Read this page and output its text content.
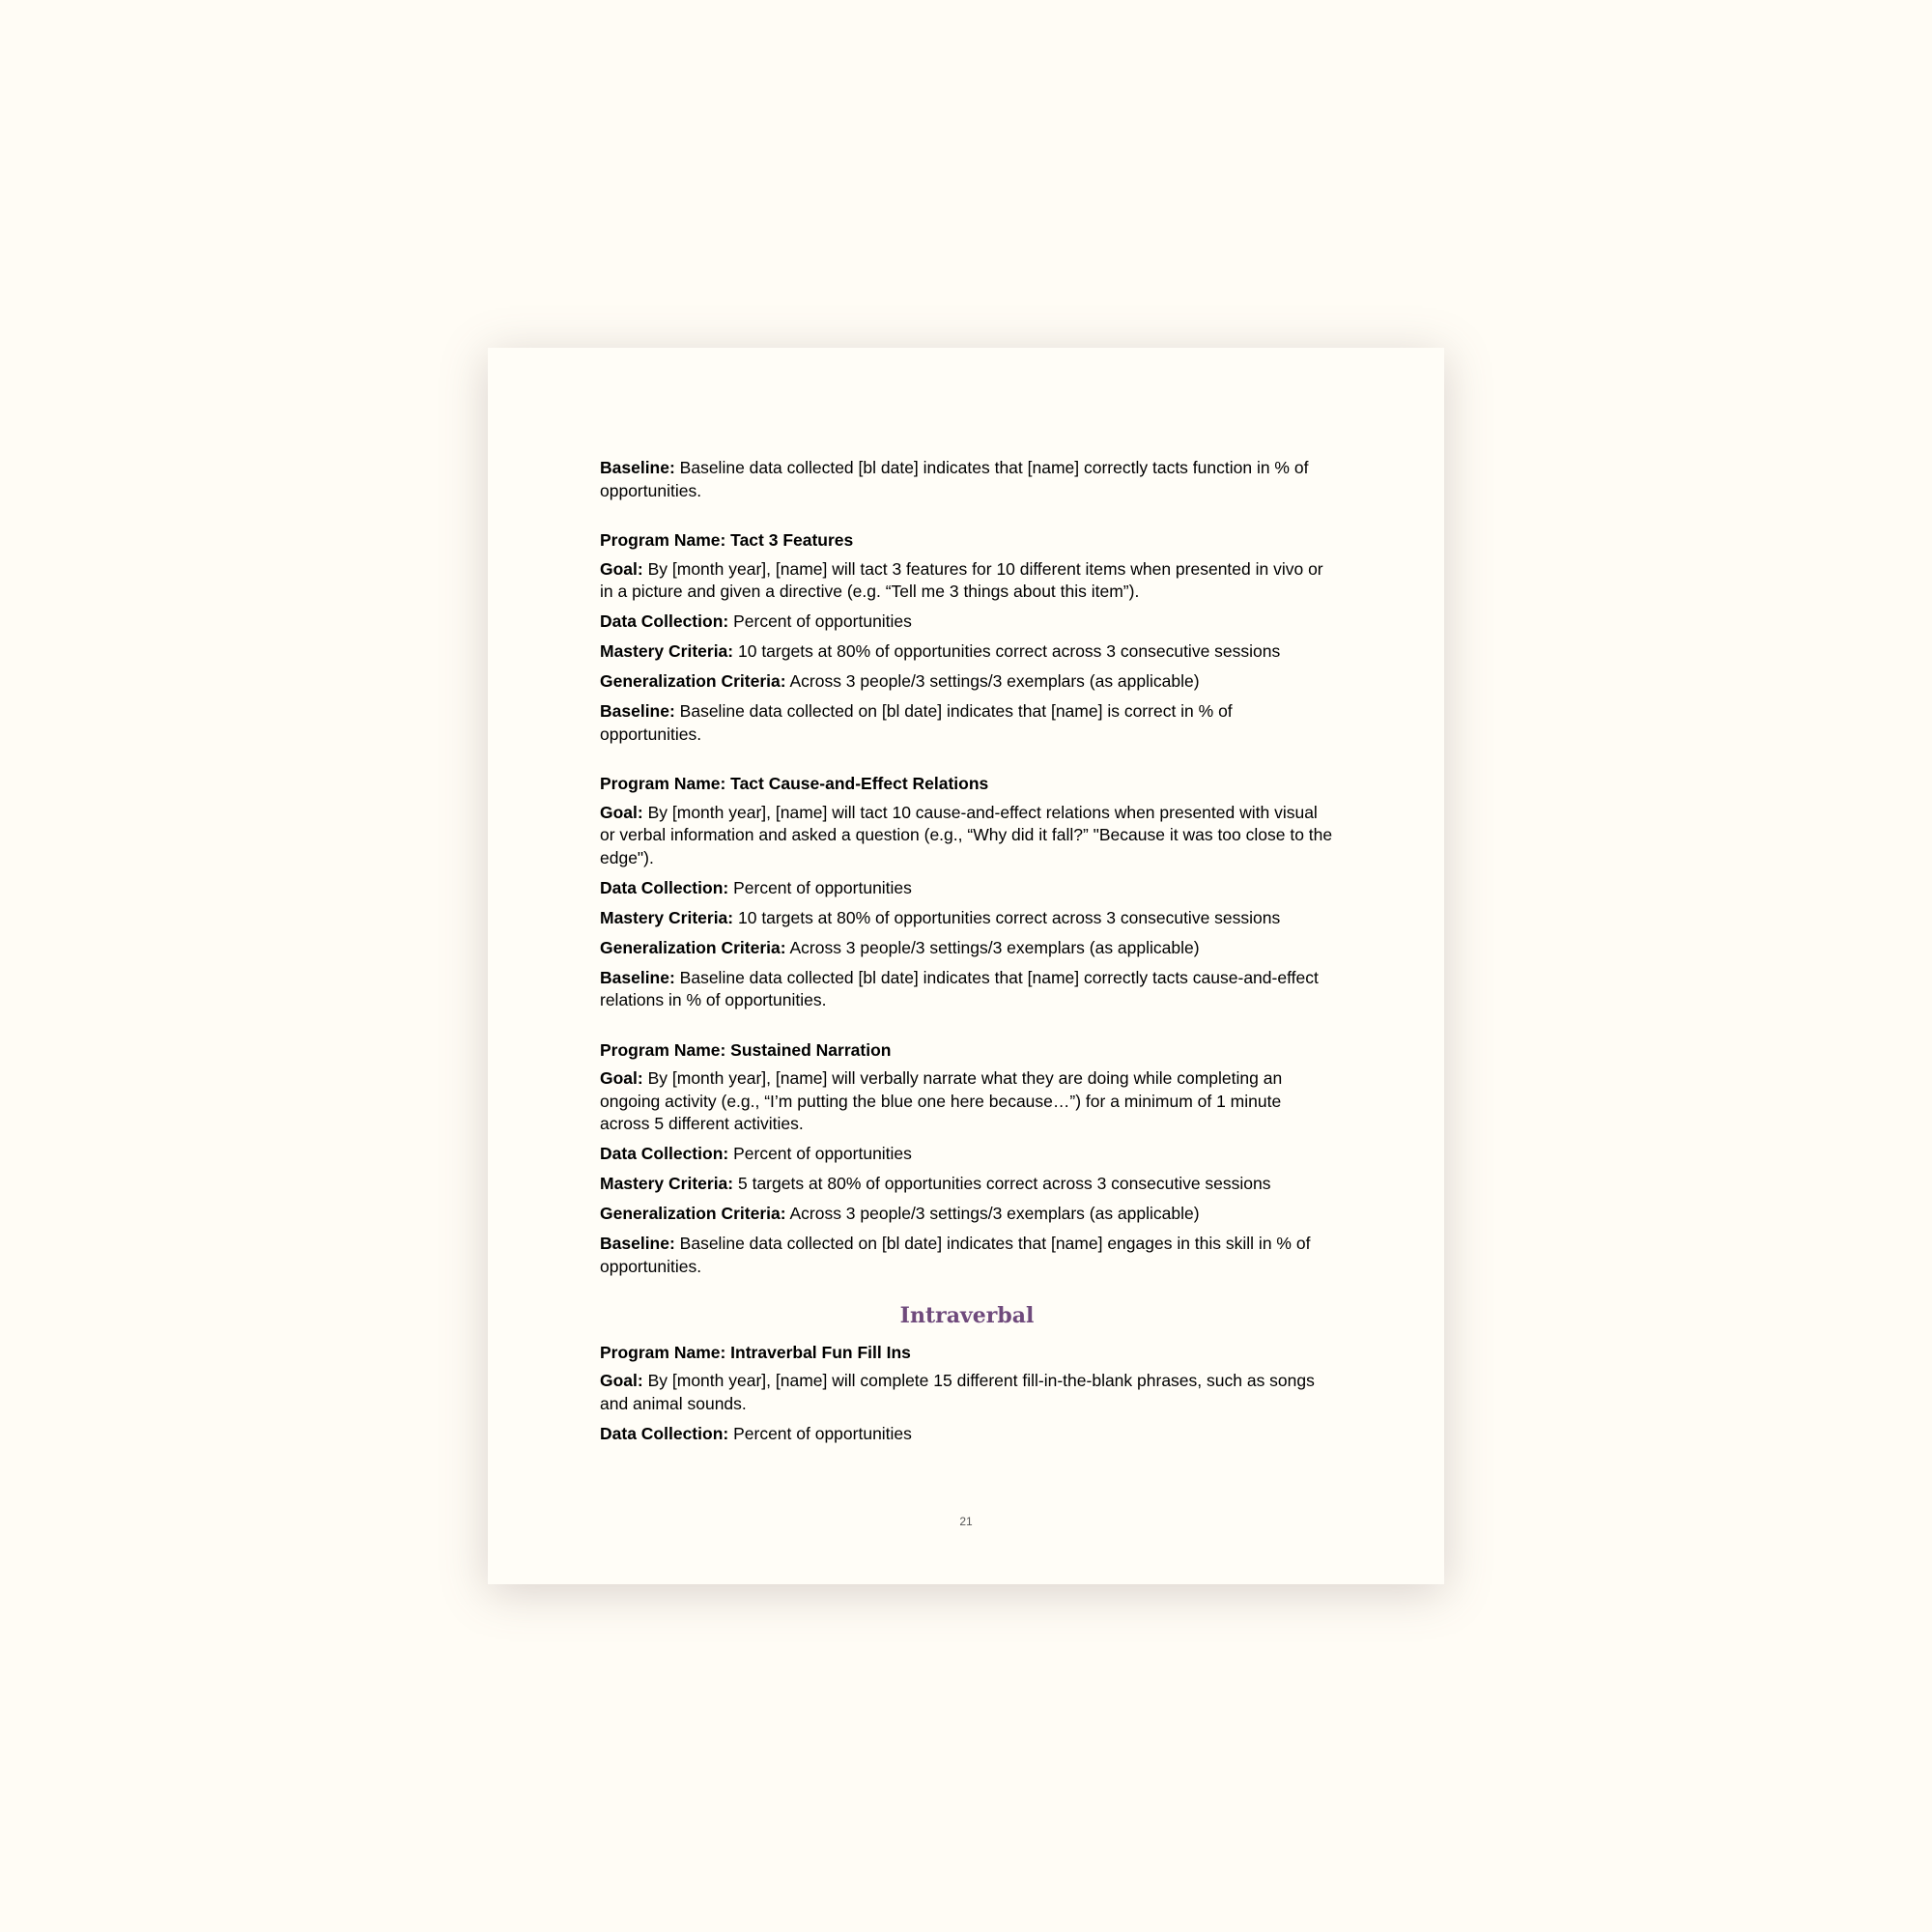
Baseline: Baseline data collected [bl date] indicates that [name] correctly tacts function in % of opportunities.
Program Name: Tact 3 Features
Goal: By [month year], [name] will tact 3 features for 10 different items when presented in vivo or in a picture and given a directive (e.g. “Tell me 3 things about this item”).
Data Collection: Percent of opportunities
Mastery Criteria: 10 targets at 80% of opportunities correct across 3 consecutive sessions
Generalization Criteria: Across 3 people/3 settings/3 exemplars (as applicable)
Baseline: Baseline data collected on [bl date] indicates that [name] is correct in % of opportunities.
Program Name: Tact Cause-and-Effect Relations
Goal: By [month year], [name] will tact 10 cause-and-effect relations when presented with visual or verbal information and asked a question (e.g., “Why did it fall?” "Because it was too close to the edge").
Data Collection: Percent of opportunities
Mastery Criteria: 10 targets at 80% of opportunities correct across 3 consecutive sessions
Generalization Criteria: Across 3 people/3 settings/3 exemplars (as applicable)
Baseline: Baseline data collected [bl date] indicates that [name] correctly tacts cause-and-effect relations in % of opportunities.
Program Name: Sustained Narration
Goal: By [month year], [name] will verbally narrate what they are doing while completing an ongoing activity (e.g., “I’m putting the blue one here because…”) for a minimum of 1 minute across 5 different activities.
Data Collection: Percent of opportunities
Mastery Criteria: 5 targets at 80% of opportunities correct across 3 consecutive sessions
Generalization Criteria: Across 3 people/3 settings/3 exemplars (as applicable)
Baseline: Baseline data collected on [bl date] indicates that [name] engages in this skill in % of opportunities.
Intraverbal
Program Name: Intraverbal Fun Fill Ins
Goal: By [month year], [name] will complete 15 different fill-in-the-blank phrases, such as songs and animal sounds.
Data Collection: Percent of opportunities
21
